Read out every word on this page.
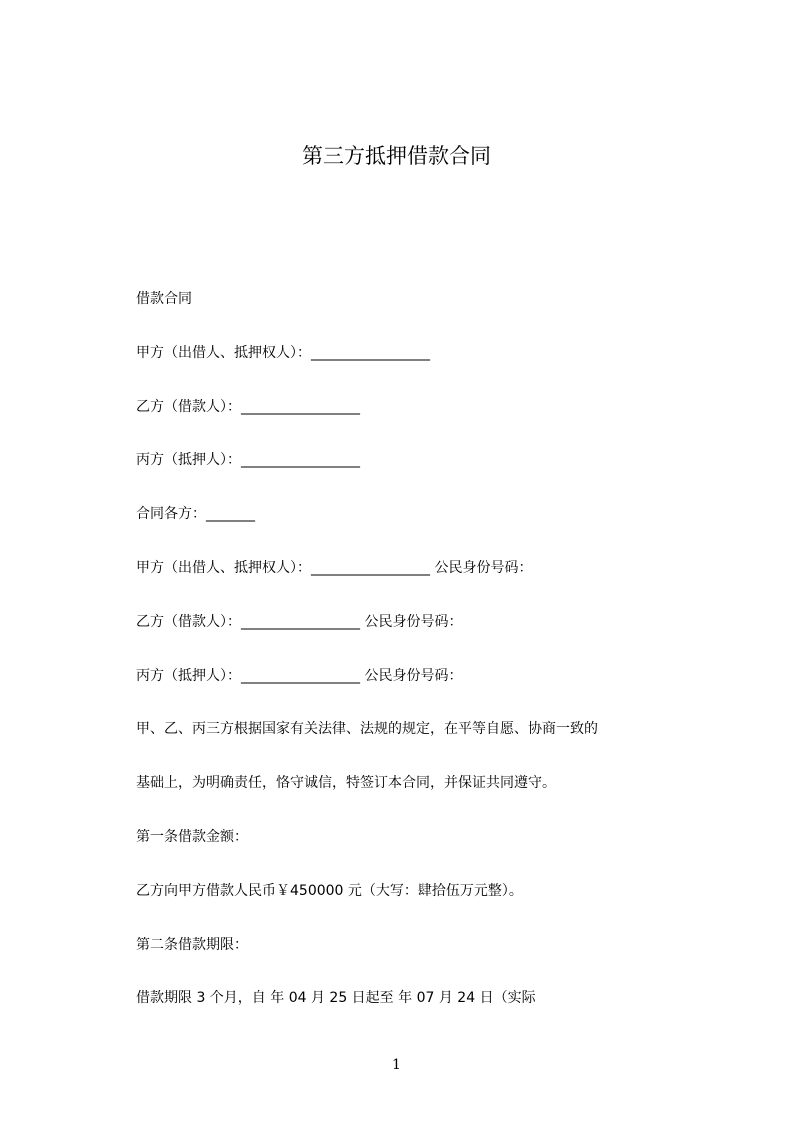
第三方抵押借款合同

借款合同

甲方（出借人、抵押权人）：_________________

乙方（借款人）：_________________

丙方（抵押人）：_________________

合同各方：_______

甲方（出借人、抵押权人）：_________________ 公民身份号码：

乙方（借款人）：_________________ 公民身份号码：

丙方（抵押人）：_________________ 公民身份号码：

甲、乙、丙三方根据国家有关法律、法规的规定，在平等自愿、协商一致的

基础上，为明确责任，恪守诚信，特签订本合同，并保证共同遵守。

第一条借款金额：

乙方向甲方借款人民币￥450000 元（大写：肆拾伍万元整）。

第二条借款期限：

借款期限 3 个月，自 年 04 月 25 日起至 年 07 月 24 日（实际

1
